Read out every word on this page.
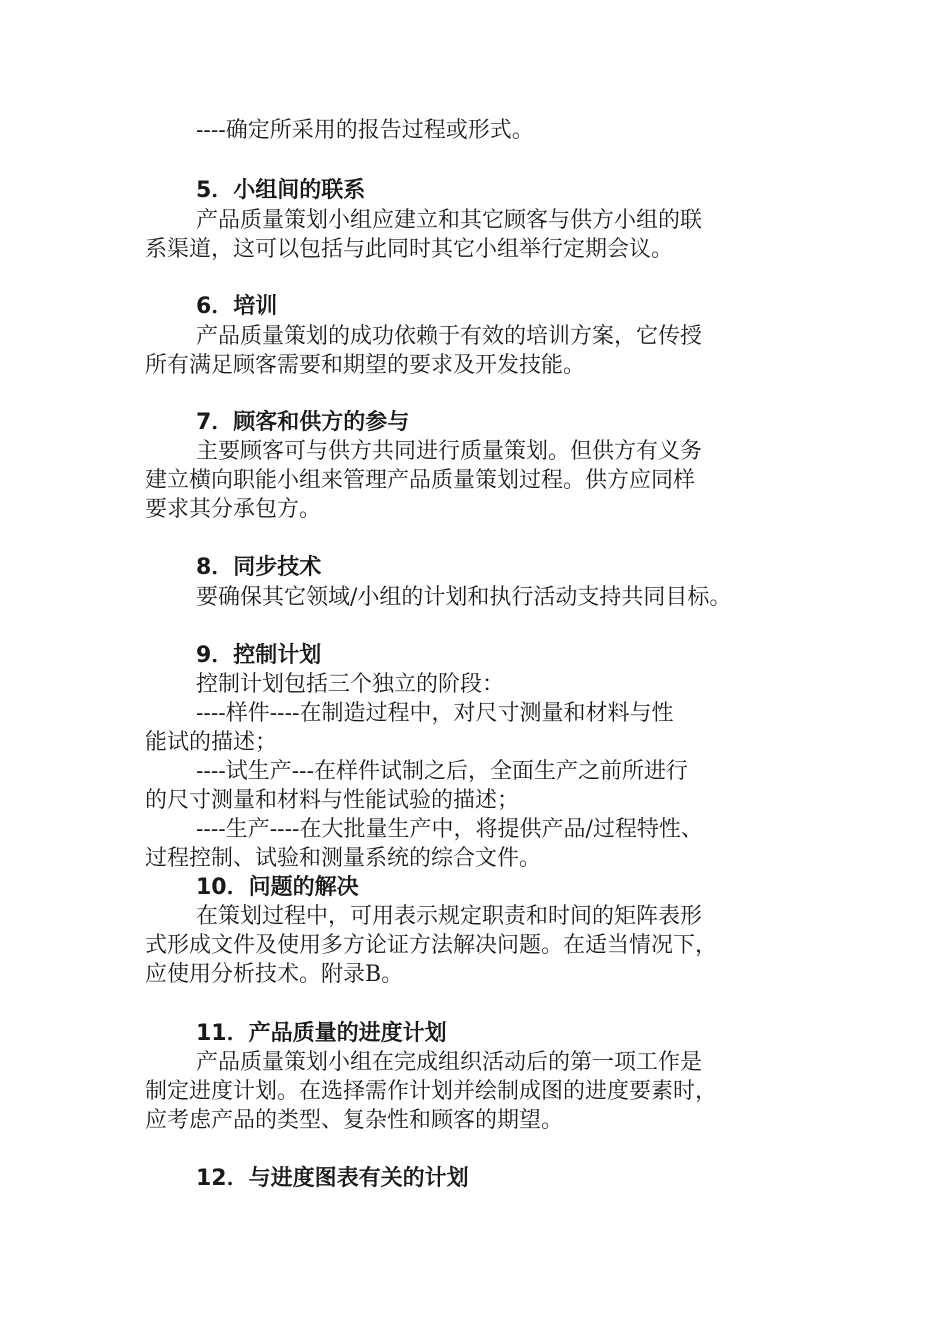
----确定所采用的报告过程或形式。
5．小组间的联系
产品质量策划小组应建立和其它顾客与供方小组的联
系渠道，这可以包括与此同时其它小组举行定期会议。
6．培训
产品质量策划的成功依赖于有效的培训方案，它传授
所有满足顾客需要和期望的要求及开发技能。
7．顾客和供方的参与
主要顾客可与供方共同进行质量策划。但供方有义务
建立横向职能小组来管理产品质量策划过程。供方应同样
要求其分承包方。
8．同步技术
要确保其它领域/小组的计划和执行活动支持共同目标。
9．控制计划
控制计划包括三个独立的阶段：
----样件----在制造过程中，对尺寸测量和材料与性
能试的描述；
----试生产---在样件试制之后，全面生产之前所进行
的尺寸测量和材料与性能试验的描述；
----生产----在大批量生产中，将提供产品/过程特性、
过程控制、试验和测量系统的综合文件。
10．问题的解决
在策划过程中，可用表示规定职责和时间的矩阵表形
式形成文件及使用多方论证方法解决问题。在适当情况下，
应使用分析技术。附录B。
11．产品质量的进度计划
产品质量策划小组在完成组织活动后的第一项工作是
制定进度计划。在选择需作计划并绘制成图的进度要素时，
应考虑产品的类型、复杂性和顾客的期望。
12．与进度图表有关的计划
